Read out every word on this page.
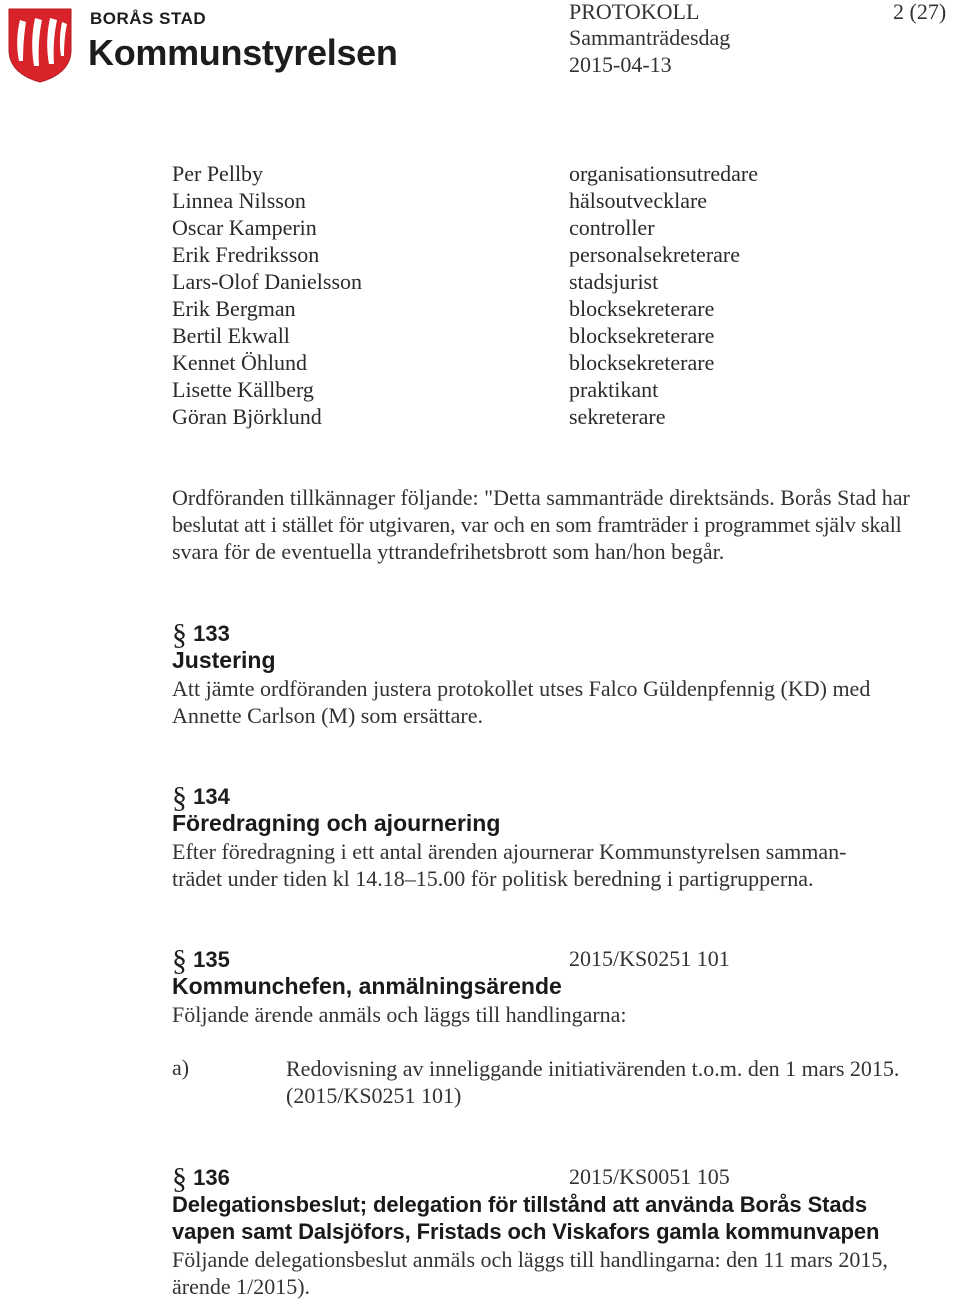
BORÅS STAD
Kommunstyrelsen
PROTOKOLL	2 (27)
Sammanträdesdag
2015-04-13
Per Pellby	organisationsutredare
Linnea Nilsson	hälsoutvecklare
Oscar Kamperin	controller
Erik Fredriksson	personalsekreterare
Lars-Olof Danielsson	stadsjurist
Erik Bergman	blocksekreterare
Bertil Ekwall	blocksekreterare
Kennet Öhlund	blocksekreterare
Lisette Källberg	praktikant
Göran Björklund	sekreterare
Ordföranden tillkännager följande: "Detta sammanträde direktsänds. Borås Stad har
beslutat att i stället för utgivaren, var och en som framträder i programmet själv skall
svara för de eventuella yttrandefrihetsbrott som han/hon begår.
§ 133
Justering
Att jämte ordföranden justera protokollet utses Falco Güldenpfennig (KD) med
Annette Carlson (M) som ersättare.
§ 134
Föredragning och ajournering
Efter föredragning i ett antal ärenden ajournerar Kommunstyrelsen samman-
trädet under tiden kl 14.18–15.00 för politisk beredning i partigrupperna.
§ 135	2015/KS0251 101
Kommunchefen, anmälningsärende
Följande ärende anmäls och läggs till handlingarna:
a)	Redovisning av inneliggande initiativärenden t.o.m. den 1 mars 2015.
(2015/KS0251 101)
§ 136	2015/KS0051 105
Delegationsbeslut; delegation för tillstånd att använda Borås Stads
vapen samt Dalsjöfors, Fristads och Viskafors gamla kommunvapen
Följande delegationsbeslut anmäls och läggs till handlingarna: den 11 mars 2015,
ärende 1/2015).
